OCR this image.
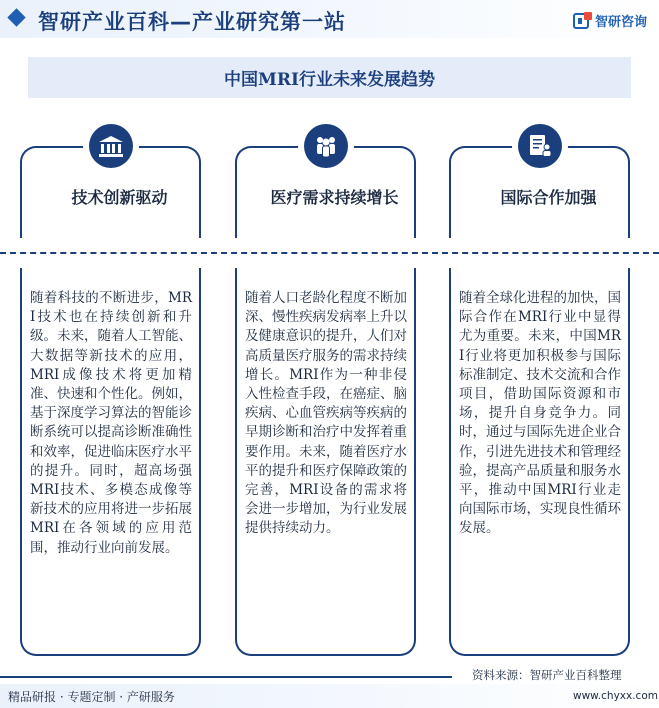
智研产业百科—产业研究第一站	智研咨询
中国MRI行业未来发展趋势
技术创新驱动	医疗需求持续增长	国际合作加强
随着科技的不断进步，MRI技术也在持续创新和升级。未来，随着人工智能、大数据等新技术的应用，MRI成像技术将更加精准、快速和个性化。例如，基于深度学习算法的智能诊断系统可以提高诊断准确性和效率，促进临床医疗水平的提升。同时，超高场强MRI技术、多模态成像等新技术的应用将进一步拓展MRI在各领域的应用范围，推动行业向前发展。
随着人口老龄化程度不断加深、慢性疾病发病率上升以及健康意识的提升，人们对高质量医疗服务的需求持续增长。MRI作为一种非侵入性检查手段，在癌症、脑疾病、心血管疾病等疾病的早期诊断和治疗中发挥着重要作用。未来，随着医疗水平的提升和医疗保障政策的完善，MRI设备的需求将会进一步增加，为行业发展提供持续动力。
随着全球化进程的加快，国际合作在MRI行业中显得尤为重要。未来，中国MRI行业将更加积极参与国际标准制定、技术交流和合作项目，借助国际资源和市场，提升自身竞争力。同时，通过与国际先进企业合作，引进先进技术和管理经验，提高产品质量和服务水平，推动中国MRI行业走向国际市场，实现良性循环发展。
资料来源：智研产业百科整理
精品研报 · 专题定制 · 产研服务	www.chyxx.com
